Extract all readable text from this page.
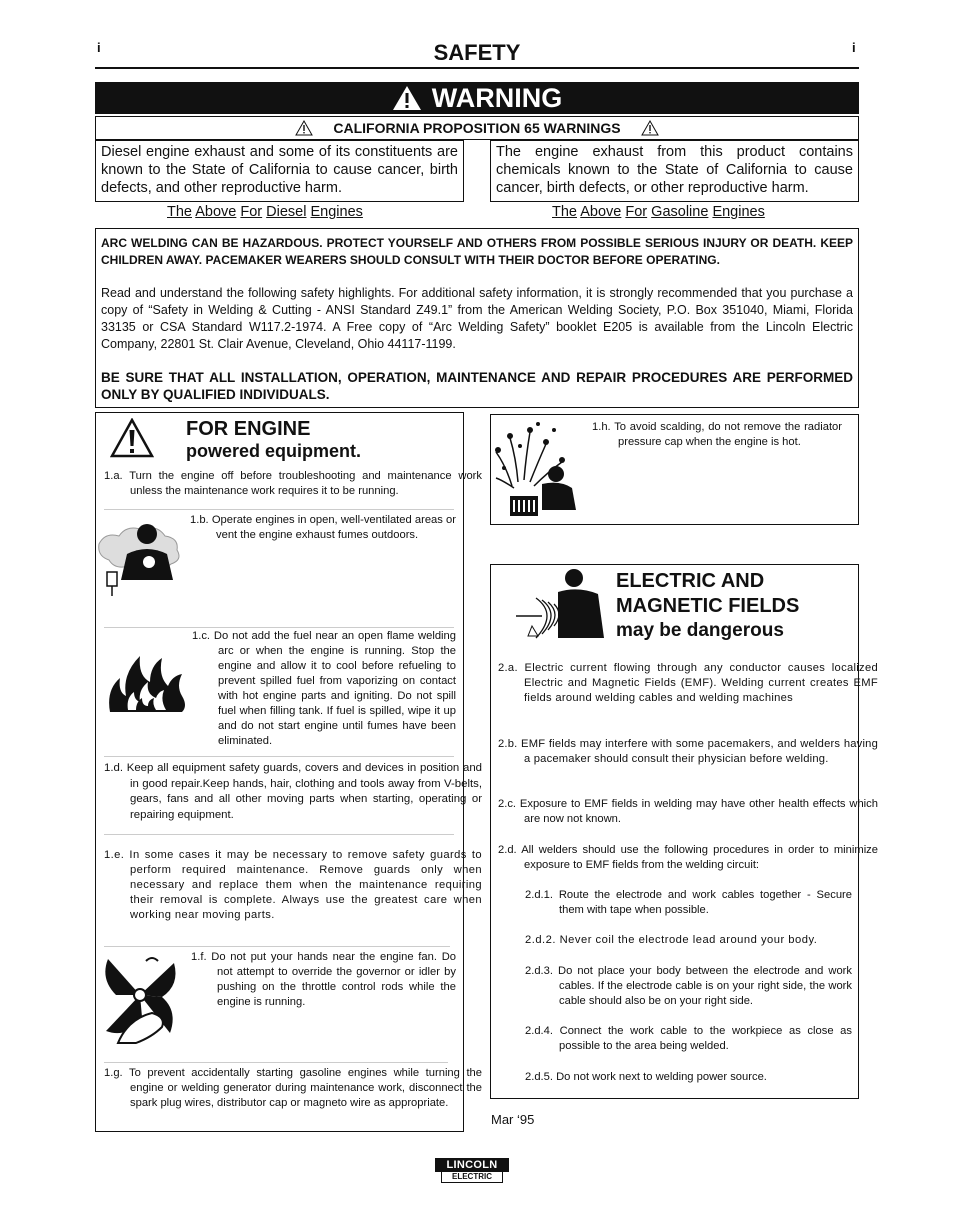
i	i
SAFETY
WARNING
CALIFORNIA PROPOSITION 65 WARNINGS
Diesel engine exhaust and some of its constituents are known to the State of California to cause cancer, birth defects, and other reproductive harm.
The engine exhaust from this product contains chemicals known to the State of California to cause cancer, birth defects, or other reproductive harm.
The Above For Diesel Engines	The Above For Gasoline Engines

ARC WELDING CAN BE HAZARDOUS. PROTECT YOURSELF AND OTHERS FROM POSSIBLE SERIOUS INJURY OR DEATH. KEEP CHILDREN AWAY. PACEMAKER WEARERS SHOULD CONSULT WITH THEIR DOCTOR BEFORE OPERATING.

Read and understand the following safety highlights. For additional safety information, it is strongly recommended that you purchase a copy of “Safety in Welding & Cutting - ANSI Standard Z49.1” from the American Welding Society, P.O. Box 351040, Miami, Florida 33135 or CSA Standard W117.2-1974. A Free copy of “Arc Welding Safety” booklet E205 is available from the Lincoln Electric Company, 22801 St. Clair Avenue, Cleveland, Ohio 44117-1199.

BE SURE THAT ALL INSTALLATION, OPERATION, MAINTENANCE AND REPAIR PROCEDURES ARE PERFORMED ONLY BY QUALIFIED INDIVIDUALS.

FOR ENGINE
powered equipment.
1.a. Turn the engine off before troubleshooting and maintenance work unless the maintenance work requires it to be running.
1.b. Operate engines in open, well-ventilated areas or vent the engine exhaust fumes outdoors.
1.c. Do not add the fuel near an open flame welding arc or when the engine is running. Stop the engine and allow it to cool before refueling to prevent spilled fuel from vaporizing on contact with hot engine parts and igniting. Do not spill fuel when filling tank. If fuel is spilled, wipe it up and do not start engine until fumes have been eliminated.
1.d. Keep all equipment safety guards, covers and devices in position and in good repair.Keep hands, hair, clothing and tools away from V-belts, gears, fans and all other moving parts when starting, operating or repairing equipment.
1.e. In some cases it may be necessary to remove safety guards to perform required maintenance. Remove guards only when necessary and replace them when the maintenance requiring their removal is complete. Always use the greatest care when working near moving parts.
1.f. Do not put your hands near the engine fan. Do not attempt to override the governor or idler by pushing on the throttle control rods while the engine is running.
1.g. To prevent accidentally starting gasoline engines while turning the engine or welding generator during maintenance work, disconnect the spark plug wires, distributor cap or magneto wire as appropriate.
1.h. To avoid scalding, do not remove the radiator pressure cap when the engine is hot.
ELECTRIC AND
MAGNETIC FIELDS
may be dangerous
2.a. Electric current flowing through any conductor causes localized Electric and Magnetic Fields (EMF). Welding current creates EMF fields around welding cables and welding machines
2.b. EMF fields may interfere with some pacemakers, and welders having a pacemaker should consult their physician before welding.
2.c. Exposure to EMF fields in welding may have other health effects which are now not known.
2.d. All welders should use the following procedures in order to minimize exposure to EMF fields from the welding circuit:
2.d.1. Route the electrode and work cables together - Secure them with tape when possible.
2.d.2. Never coil the electrode lead around your body.
2.d.3. Do not place your body between the electrode and work cables. If the electrode cable is on your right side, the work cable should also be on your right side.
2.d.4. Connect the work cable to the workpiece as close as possible to the area being welded.
2.d.5. Do not work next to welding power source.
Mar ‘95
LINCOLN
ELECTRIC
